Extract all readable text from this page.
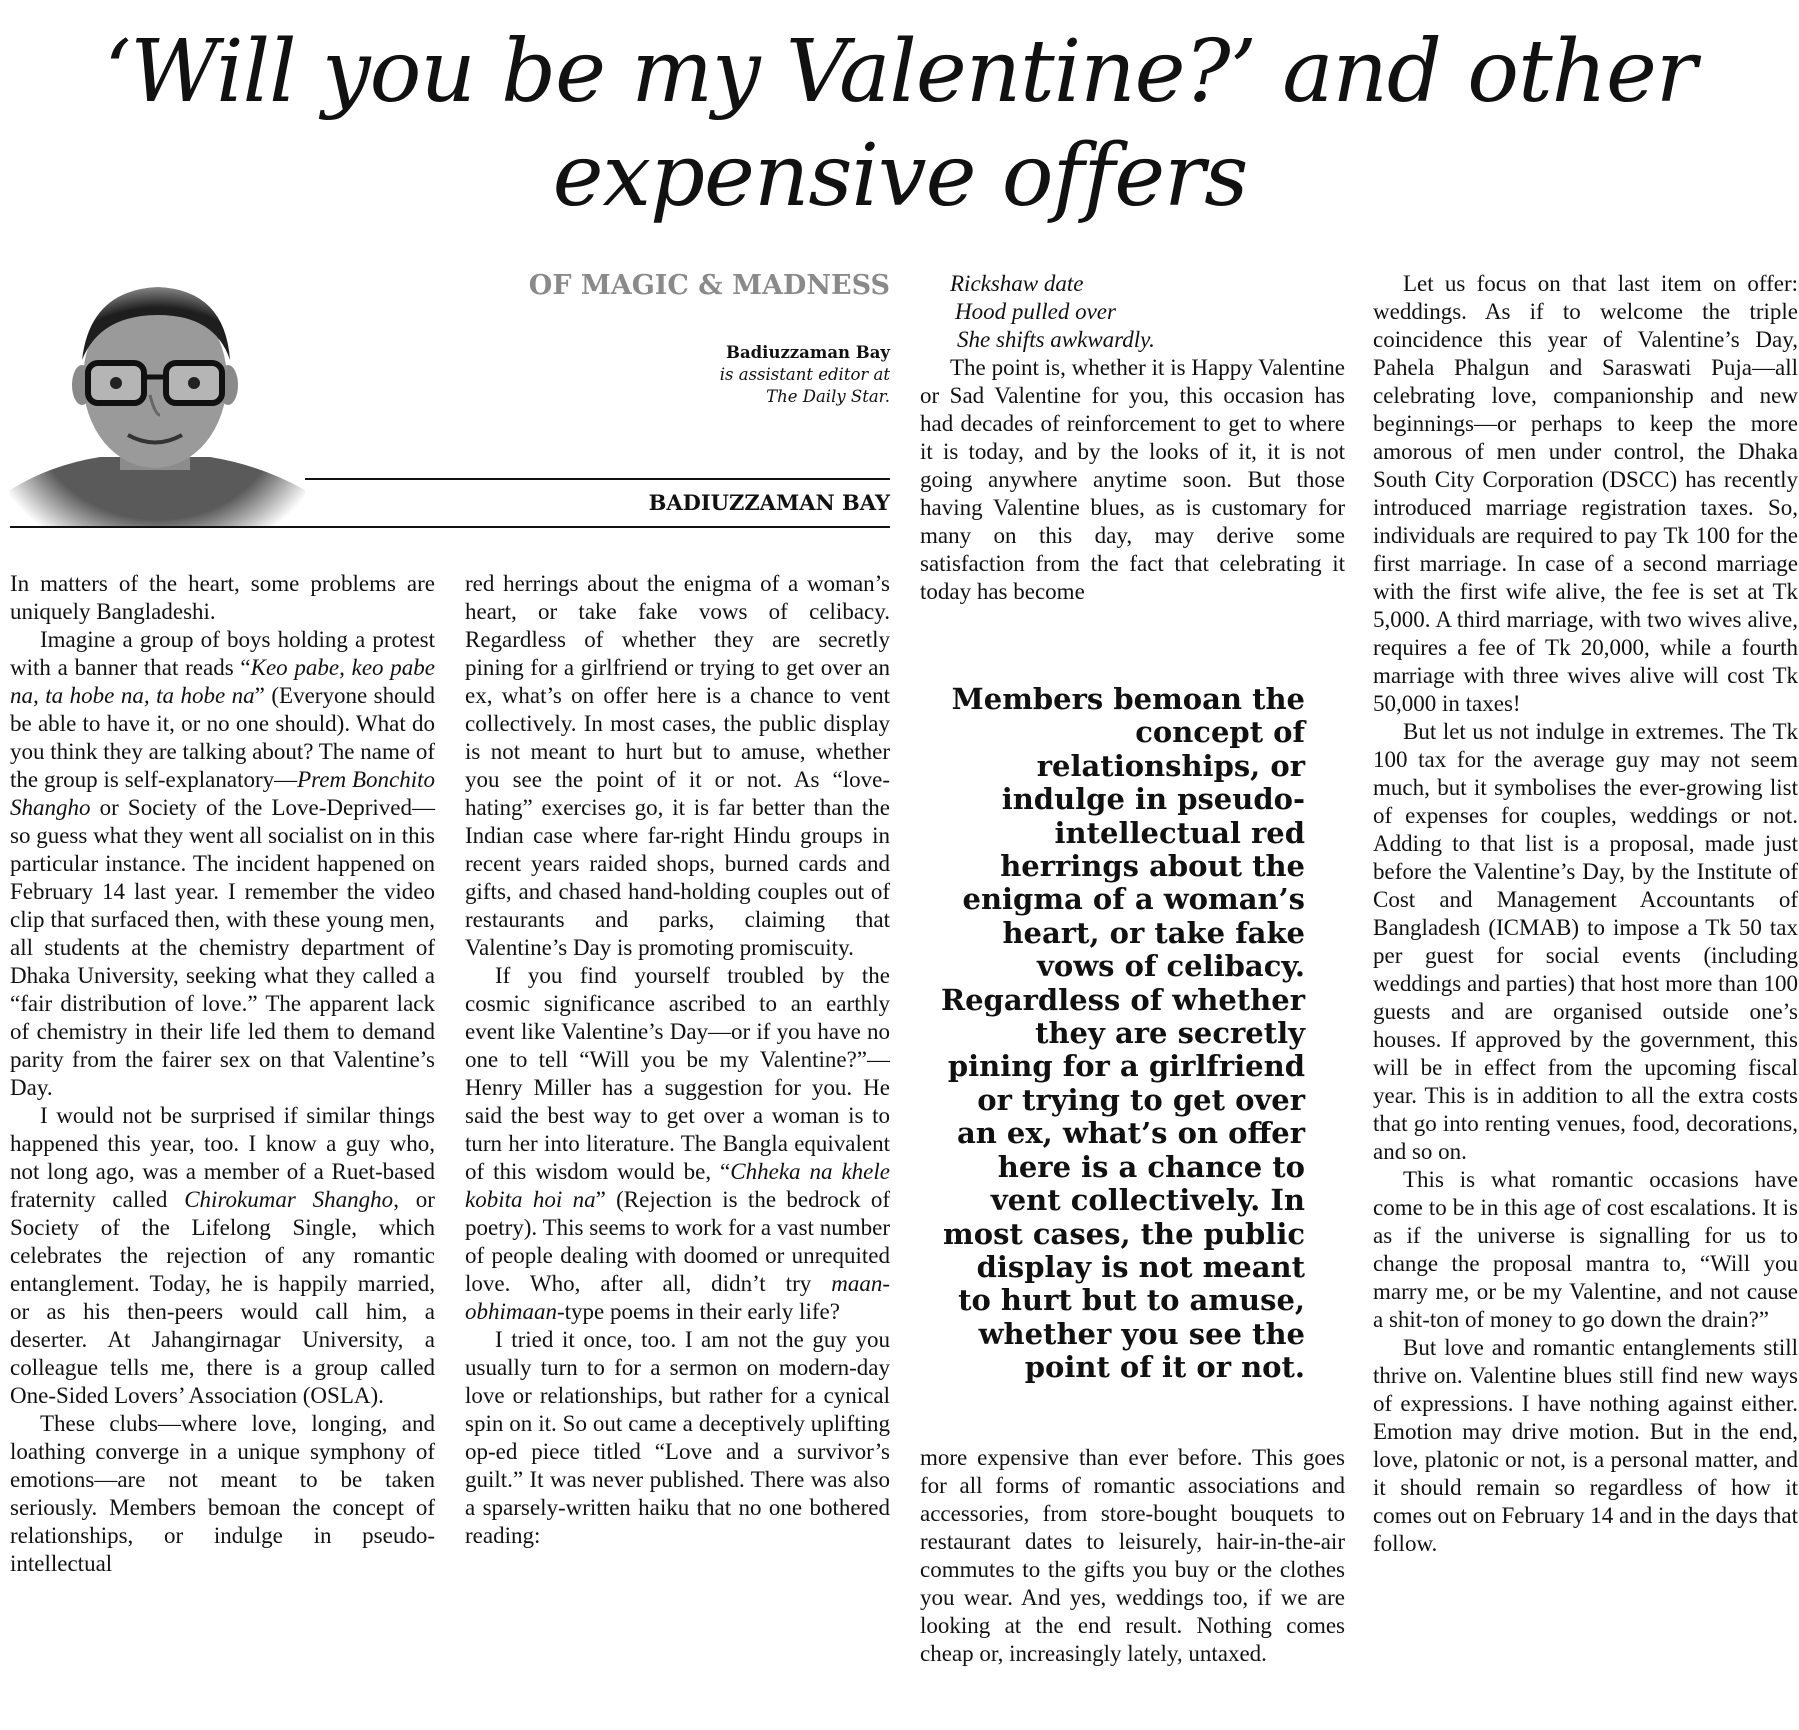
‘Will you be my Valentine?’ and other
expensive offers
OF MAGIC & MADNESS
Badiuzzaman Bay
is assistant editor at
The Daily Star.
BADIUZZAMAN BAY

In matters of the heart, some problems are uniquely Bangladeshi.

Imagine a group of boys holding a protest with a banner that reads “Keo pabe, keo pabe na, ta hobe na, ta hobe na” (Everyone should be able to have it, or no one should). What do you think they are talking about? The name of the group is self-explanatory—Prem Bonchito Shangho or Society of the Love-Deprived—so guess what they went all socialist on in this particular instance. The incident happened on February 14 last year. I remember the video clip that surfaced then, with these young men, all students at the chemistry department of Dhaka University, seeking what they called a “fair distribution of love.” The apparent lack of chemistry in their life led them to demand parity from the fairer sex on that Valentine’s Day.

I would not be surprised if similar things happened this year, too. I know a guy who, not long ago, was a member of a Ruet-based fraternity called Chirokumar Shangho, or Society of the Lifelong Single, which celebrates the rejection of any romantic entanglement. Today, he is happily married, or as his then-peers would call him, a deserter. At Jahangirnagar University, a colleague tells me, there is a group called One-Sided Lovers’ Association (OSLA).

These clubs—where love, longing, and loathing converge in a unique symphony of emotions—are not meant to be taken seriously. Members bemoan the concept of relationships, or indulge in pseudo-intellectual

red herrings about the enigma of a woman’s heart, or take fake vows of celibacy. Regardless of whether they are secretly pining for a girlfriend or trying to get over an ex, what’s on offer here is a chance to vent collectively. In most cases, the public display is not meant to hurt but to amuse, whether you see the point of it or not. As “love-hating” exercises go, it is far better than the Indian case where far-right Hindu groups in recent years raided shops, burned cards and gifts, and chased hand-holding couples out of restaurants and parks, claiming that Valentine’s Day is promoting promiscuity.

If you find yourself troubled by the cosmic significance ascribed to an earthly event like Valentine’s Day—or if you have no one to tell “Will you be my Valentine?”—Henry Miller has a suggestion for you. He said the best way to get over a woman is to turn her into literature. The Bangla equivalent of this wisdom would be, “Chheka na khele kobita hoi na” (Rejection is the bedrock of poetry). This seems to work for a vast number of people dealing with doomed or unrequited love. Who, after all, didn’t try maan-obhimaan-type poems in their early life?

I tried it once, too. I am not the guy you usually turn to for a sermon on modern-day love or relationships, but rather for a cynical spin on it. So out came a deceptively uplifting op-ed piece titled “Love and a survivor’s guilt.” It was never published. There was also a sparsely-written haiku that no one bothered reading:

Rickshaw date
Hood pulled over
She shifts awkwardly.

The point is, whether it is Happy Valentine or Sad Valentine for you, this occasion has had decades of reinforcement to get to where it is today, and by the looks of it, it is not going anywhere anytime soon. But those having Valentine blues, as is customary for many on this day, may derive some satisfaction from the fact that celebrating it today has become

Members bemoan the concept of relationships, or indulge in pseudo-intellectual red herrings about the enigma of a woman’s heart, or take fake vows of celibacy. Regardless of whether they are secretly pining for a girlfriend or trying to get over an ex, what’s on offer here is a chance to vent collectively. In most cases, the public display is not meant to hurt but to amuse, whether you see the point of it or not.

more expensive than ever before. This goes for all forms of romantic associations and accessories, from store-bought bouquets to restaurant dates to leisurely, hair-in-the-air commutes to the gifts you buy or the clothes you wear. And yes, weddings too, if we are looking at the end result. Nothing comes cheap or, increasingly lately, untaxed.

Let us focus on that last item on offer: weddings. As if to welcome the triple coincidence this year of Valentine’s Day, Pahela Phalgun and Saraswati Puja—all celebrating love, companionship and new beginnings—or perhaps to keep the more amorous of men under control, the Dhaka South City Corporation (DSCC) has recently introduced marriage registration taxes. So, individuals are required to pay Tk 100 for the first marriage. In case of a second marriage with the first wife alive, the fee is set at Tk 5,000. A third marriage, with two wives alive, requires a fee of Tk 20,000, while a fourth marriage with three wives alive will cost Tk 50,000 in taxes!

But let us not indulge in extremes. The Tk 100 tax for the average guy may not seem much, but it symbolises the ever-growing list of expenses for couples, weddings or not. Adding to that list is a proposal, made just before the Valentine’s Day, by the Institute of Cost and Management Accountants of Bangladesh (ICMAB) to impose a Tk 50 tax per guest for social events (including weddings and parties) that host more than 100 guests and are organised outside one’s houses. If approved by the government, this will be in effect from the upcoming fiscal year. This is in addition to all the extra costs that go into renting venues, food, decorations, and so on.

This is what romantic occasions have come to be in this age of cost escalations. It is as if the universe is signalling for us to change the proposal mantra to, “Will you marry me, or be my Valentine, and not cause a shit-ton of money to go down the drain?”

But love and romantic entanglements still thrive on. Valentine blues still find new ways of expressions. I have nothing against either. Emotion may drive motion. But in the end, love, platonic or not, is a personal matter, and it should remain so regardless of how it comes out on February 14 and in the days that follow.
